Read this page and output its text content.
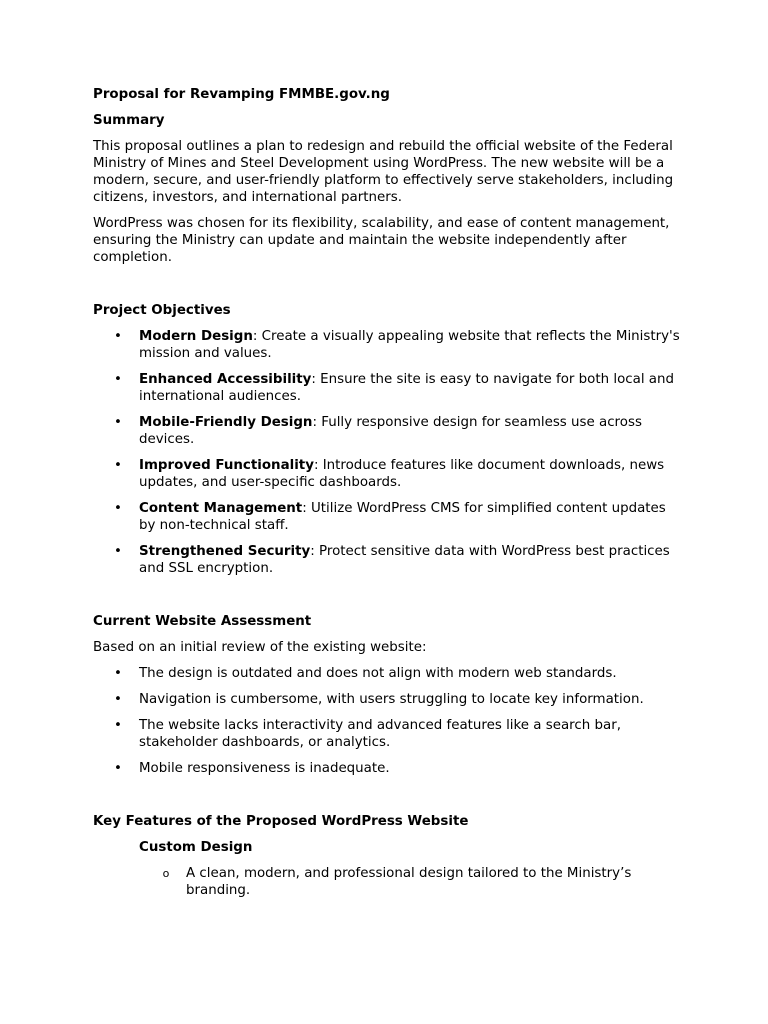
Proposal for Revamping FMMBE.gov.ng
Summary

This proposal outlines a plan to redesign and rebuild the official website of the Federal Ministry of Mines and Steel Development using WordPress. The new website will be a modern, secure, and user-friendly platform to effectively serve stakeholders, including citizens, investors, and international partners.

WordPress was chosen for its flexibility, scalability, and ease of content management, ensuring the Ministry can update and maintain the website independently after completion.

Project Objectives
• Modern Design: Create a visually appealing website that reflects the Ministry's mission and values.
• Enhanced Accessibility: Ensure the site is easy to navigate for both local and international audiences.
• Mobile-Friendly Design: Fully responsive design for seamless use across devices.
• Improved Functionality: Introduce features like document downloads, news updates, and user-specific dashboards.
• Content Management: Utilize WordPress CMS for simplified content updates by non-technical staff.
• Strengthened Security: Protect sensitive data with WordPress best practices and SSL encryption.
Current Website Assessment

Based on an initial review of the existing website:

• The design is outdated and does not align with modern web standards.
• Navigation is cumbersome, with users struggling to locate key information.
• The website lacks interactivity and advanced features like a search bar, stakeholder dashboards, or analytics.
• Mobile responsiveness is inadequate.
Key Features of the Proposed WordPress Website
Custom Design
o A clean, modern, and professional design tailored to the Ministry’s branding.
